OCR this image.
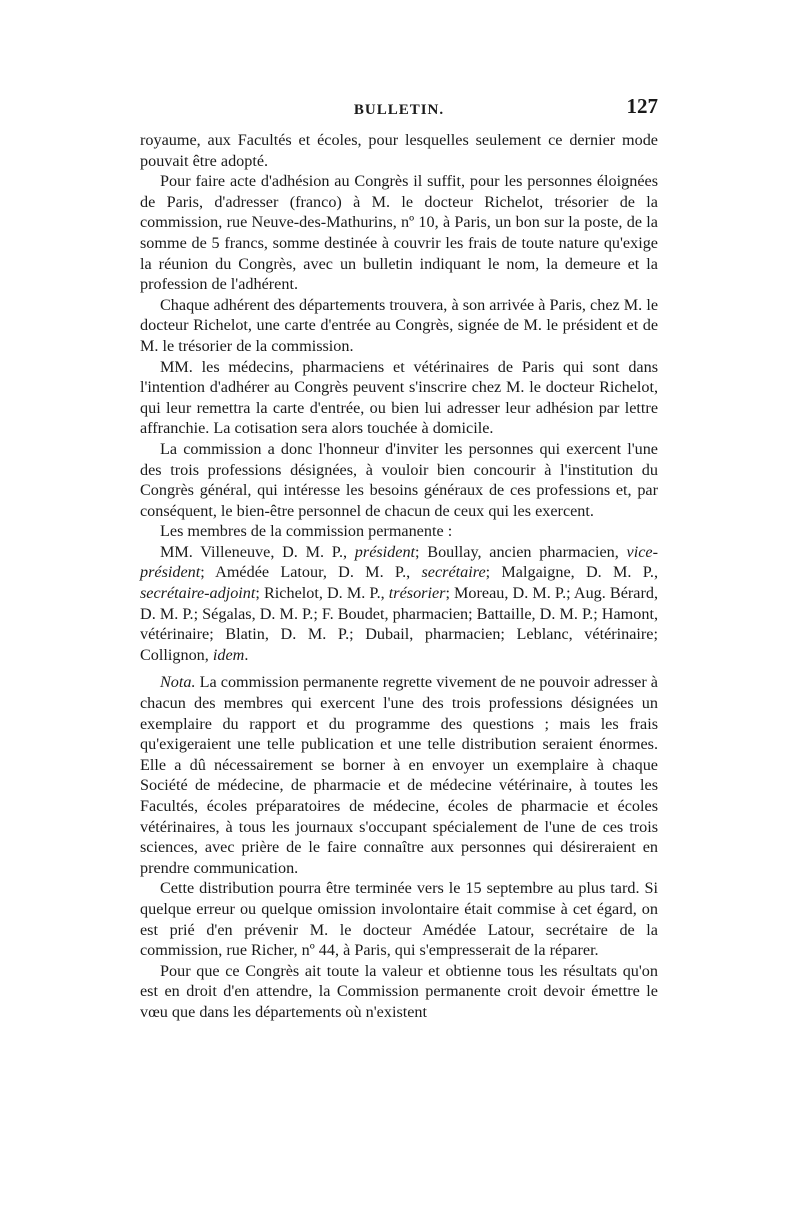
BULLETIN.	127

royaume, aux Facultés et écoles, pour lesquelles seulement ce dernier mode pouvait être adopté.

Pour faire acte d'adhésion au Congrès il suffit, pour les personnes éloignées de Paris, d'adresser (franco) à M. le docteur Richelot, trésorier de la commission, rue Neuve-des-Mathurins, nº 10, à Paris, un bon sur la poste, de la somme de 5 francs, somme destinée à couvrir les frais de toute nature qu'exige la réunion du Congrès, avec un bulletin indiquant le nom, la demeure et la profession de l'adhérent.

Chaque adhérent des départements trouvera, à son arrivée à Paris, chez M. le docteur Richelot, une carte d'entrée au Congrès, signée de M. le président et de M. le trésorier de la commission.

MM. les médecins, pharmaciens et vétérinaires de Paris qui sont dans l'intention d'adhérer au Congrès peuvent s'inscrire chez M. le docteur Richelot, qui leur remettra la carte d'entrée, ou bien lui adresser leur adhésion par lettre affranchie. La cotisation sera alors touchée à domicile.

La commission a donc l'honneur d'inviter les personnes qui exercent l'une des trois professions désignées, à vouloir bien concourir à l'institution du Congrès général, qui intéresse les besoins généraux de ces professions et, par conséquent, le bien-être personnel de chacun de ceux qui les exercent.

Les membres de la commission permanente :

MM. Villeneuve, D. M. P., président; Boullay, ancien pharmacien, vice-président; Amédée Latour, D. M. P., secrétaire; Malgaigne, D. M. P., secrétaire-adjoint; Richelot, D. M. P., trésorier; Moreau, D. M. P.; Aug. Bérard, D. M. P.; Ségalas, D. M. P.; F. Boudet, pharmacien; Battaille, D. M. P.; Hamont, vétérinaire; Blatin, D. M. P.; Dubail, pharmacien; Leblanc, vétérinaire; Collignon, idem.

Nota. La commission permanente regrette vivement de ne pouvoir adresser à chacun des membres qui exercent l'une des trois professions désignées un exemplaire du rapport et du programme des questions ; mais les frais qu'exigeraient une telle publication et une telle distribution seraient énormes. Elle a dû nécessairement se borner à en envoyer un exemplaire à chaque Société de médecine, de pharmacie et de médecine vétérinaire, à toutes les Facultés, écoles préparatoires de médecine, écoles de pharmacie et écoles vétérinaires, à tous les journaux s'occupant spécialement de l'une de ces trois sciences, avec prière de le faire connaître aux personnes qui désireraient en prendre communication.

Cette distribution pourra être terminée vers le 15 septembre au plus tard. Si quelque erreur ou quelque omission involontaire était commise à cet égard, on est prié d'en prévenir M. le docteur Amédée Latour, secrétaire de la commission, rue Richer, nº 44, à Paris, qui s'empresserait de la réparer.

Pour que ce Congrès ait toute la valeur et obtienne tous les résultats qu'on est en droit d'en attendre, la Commission permanente croit devoir émettre le vœu que dans les départements où n'existent
